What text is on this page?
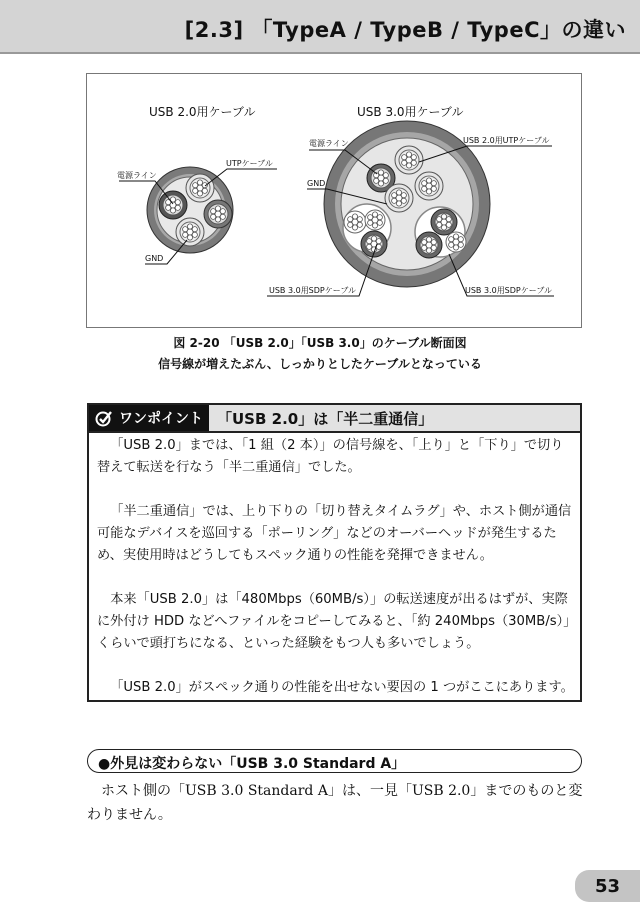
[2.3] 「TypeA / TypeB / TypeC」の違い
USB 2.0用ケーブル
電源ライン
UTPケーブル
GND
USB 3.0用ケーブル
電源ライン	USB 2.0用UTPケーブル
GND
USB 3.0用SDPケーブル	USB 3.0用SDPケーブル
図 2-20 「USB 2.0」「USB 3.0」のケーブル断面図
信号線が増えたぶん、しっかりとしたケーブルとなっている
ワンポイント 「USB 2.0」は「半二重通信」
「USB 2.0」までは、「1 組（2 本）」の信号線を、「上り」と「下り」で切り替えて転送を行なう「半二重通信」でした。
「半二重通信」では、上り下りの「切り替えタイムラグ」や、ホスト側が通信可能なデバイスを巡回する「ポーリング」などのオーバーヘッドが発生するため、実使用時はどうしてもスペック通りの性能を発揮できません。
本来「USB 2.0」は「480Mbps（60MB/s）」の転送速度が出るはずが、実際に外付け HDD などへファイルをコピーしてみると、「約 240Mbps（30MB/s）」くらいで頭打ちになる、といった経験をもつ人も多いでしょう。
「USB 2.0」がスペック通りの性能を出せない要因の 1 つがここにあります。
●外見は変わらない「USB 3.0 Standard A」
ホスト側の「USB 3.0 Standard A」は、一見「USB 2.0」までのものと変わりません。
53
